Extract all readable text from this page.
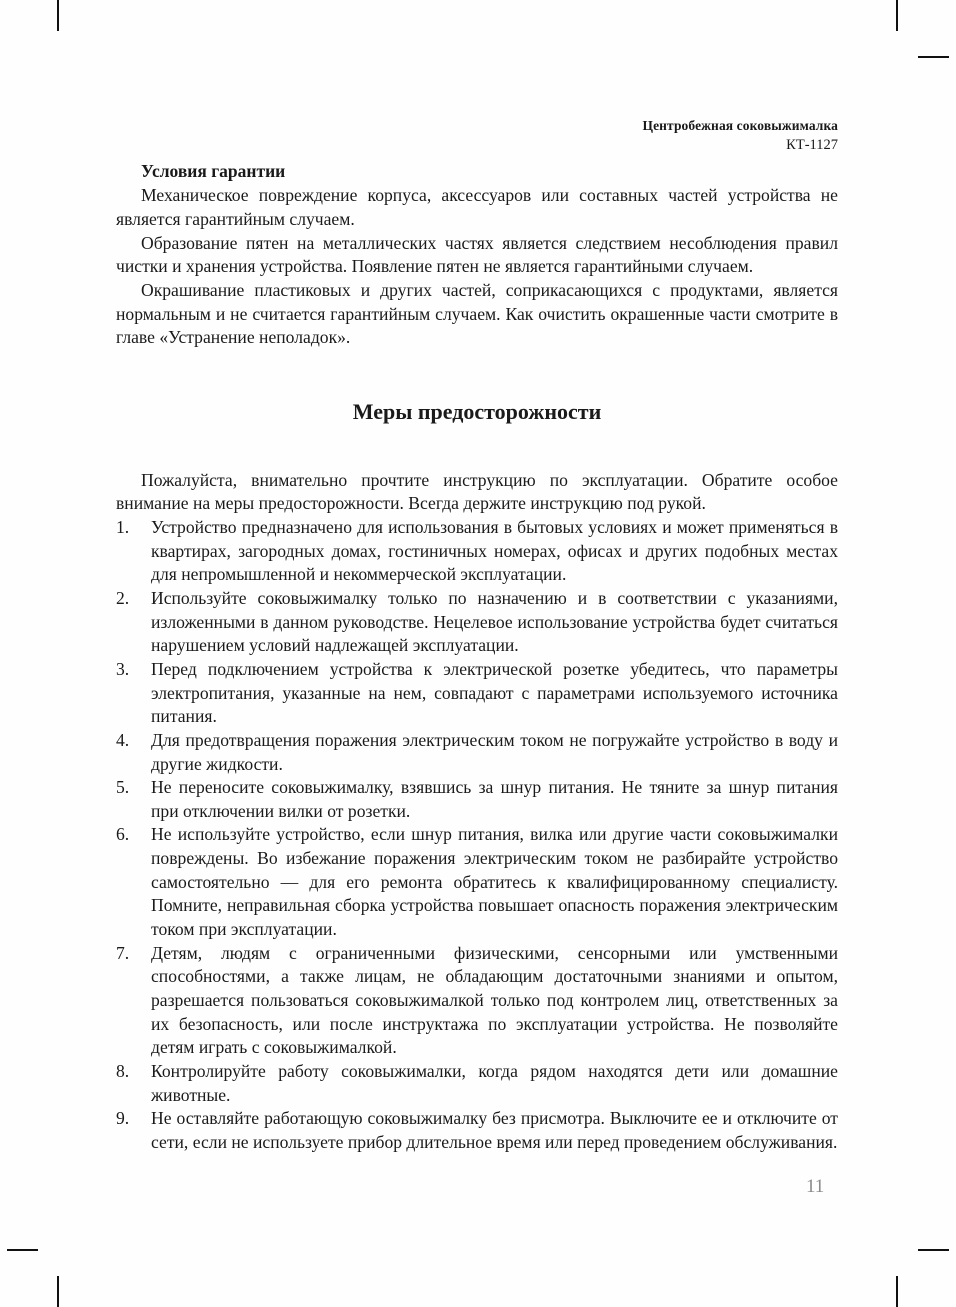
Центробежная соковыжималка
КТ-1127
Условия гарантии

Механическое повреждение корпуса, аксессуаров или составных частей устройства не является гарантийным случаем.

Образование пятен на металлических частях является следствием несоблюдения правил чистки и хранения устройства. Появление пятен не является гарантийными случаем.

Окрашивание пластиковых и других частей, соприкасающихся с продуктами, является нормальным и не считается гарантийным случаем. Как очистить окрашенные части смотрите в главе «Устранение неполадок».

Меры предосторожности

Пожалуйста, внимательно прочтите инструкцию по эксплуатации. Обратите особое внимание на меры предосторожности. Всегда держите инструкцию под рукой.

Устройство предназначено для использования в бытовых условиях и может применяться в квартирах, загородных домах, гостиничных номерах, офисах и других подобных местах для непромышленной и некоммерческой эксплуатации.
Используйте соковыжималку только по назначению и в соответствии с указаниями, изложенными в данном руководстве. Нецелевое использование устройства будет считаться нарушением условий надлежащей эксплуатации.
Перед подключением устройства к электрической розетке убедитесь, что параметры электропитания, указанные на нем, совпадают с параметрами используемого источника питания.
Для предотвращения поражения электрическим током не погружайте устройство в воду и другие жидкости.
Не переносите соковыжималку, взявшись за шнур питания. Не тяните за шнур питания при отключении вилки от розетки.
Не используйте устройство, если шнур питания, вилка или другие части соковыжималки повреждены. Во избежание поражения электрическим током не разбирайте устройство самостоятельно — для его ремонта обратитесь к квалифицированному специалисту. Помните, неправильная сборка устройства повышает опасность поражения электрическим током при эксплуатации.
Детям, людям с ограниченными физическими, сенсорными или умственными способностями, а также лицам, не обладающим достаточными знаниями и опытом, разрешается пользоваться соковыжималкой только под контролем лиц, ответственных за их безопасность, или после инструктажа по эксплуатации устройства. Не позволяйте детям играть с соковыжималкой.
Контролируйте работу соковыжималки, когда рядом находятся дети или домашние животные.
Не оставляйте работающую соковыжималку без присмотра. Выключите ее и отключите от сети, если не используете прибор длительное время или перед проведением обслуживания.
11
